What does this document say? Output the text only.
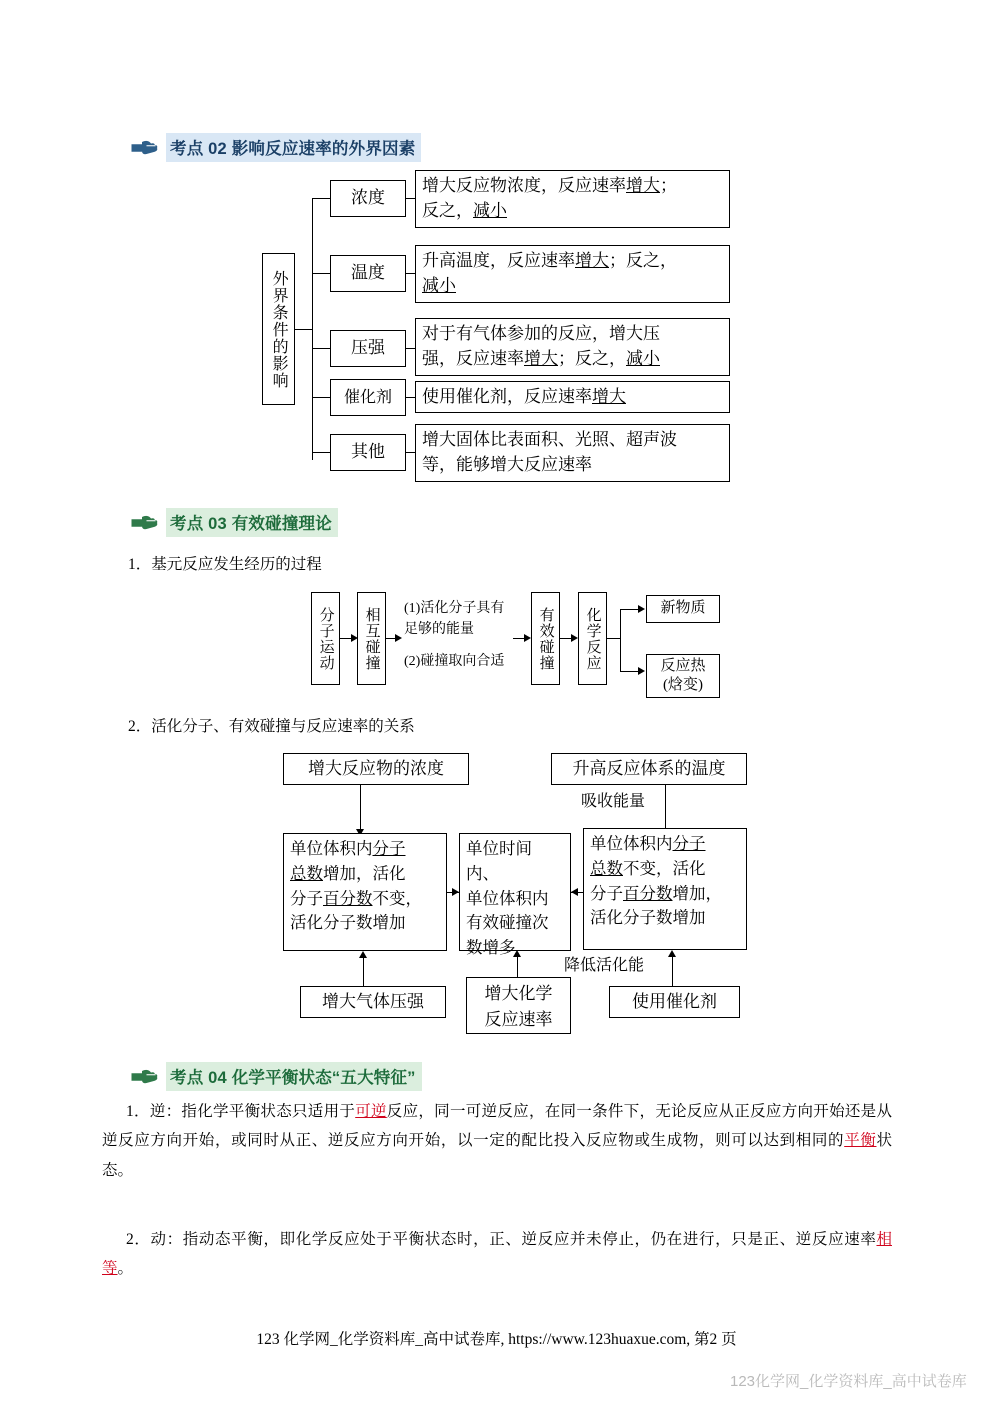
考点 02 影响反应速率的外界因素
外界条件的影响
浓度
增大反应物浓度，反应速率增大；
反之，减小
温度
升高温度，反应速率增大；反之，
减小
压强
对于有气体参加的反应，增大压
强，反应速率增大；反之，减小
催化剂 使用催化剂，反应速率增大
其他
增大固体比表面积、光照、超声波
等，能够增大反应速率
考点 03 有效碰撞理论
1．基元反应发生经历的过程
分子运动 相互碰撞 (1)活化分子具有
足够的能量
(2)碰撞取向合适 有效碰撞 化学反应	新物质
反应热
(焓变)
2．活化分子、有效碰撞与反应速率的关系
增大反应物的浓度	升高反应体系的温度
吸收能量
单位体积内分子
总数增加，活化
分子百分数不变，
活化分子数增加
单位时间内、
单位体积内
有效碰撞次
数增多
单位体积内分子
总数不变，活化
分子百分数增加，
活化分子数增加
增大气体压强	增大化学
反应速率
使用催化剂
降低活化能
考点 04 化学平衡状态“五大特征”
1．逆：指化学平衡状态只适用于可逆反应，同一可逆反应，在同一条件下，无论反应从正反应方向开始还是从逆反应方向开始，或同时从正、逆反应方向开始，以一定的配比投入反应物或生成物，则可以达到相同的平衡状态。
2．动：指动态平衡，即化学反应处于平衡状态时，正、逆反应并未停止，仍在进行，只是正、逆反应速率相等。
123 化学网_化学资料库_高中试卷库, https://www.123huaxue.com, 第2 页
123化学网_化学资料库_高中试卷库
